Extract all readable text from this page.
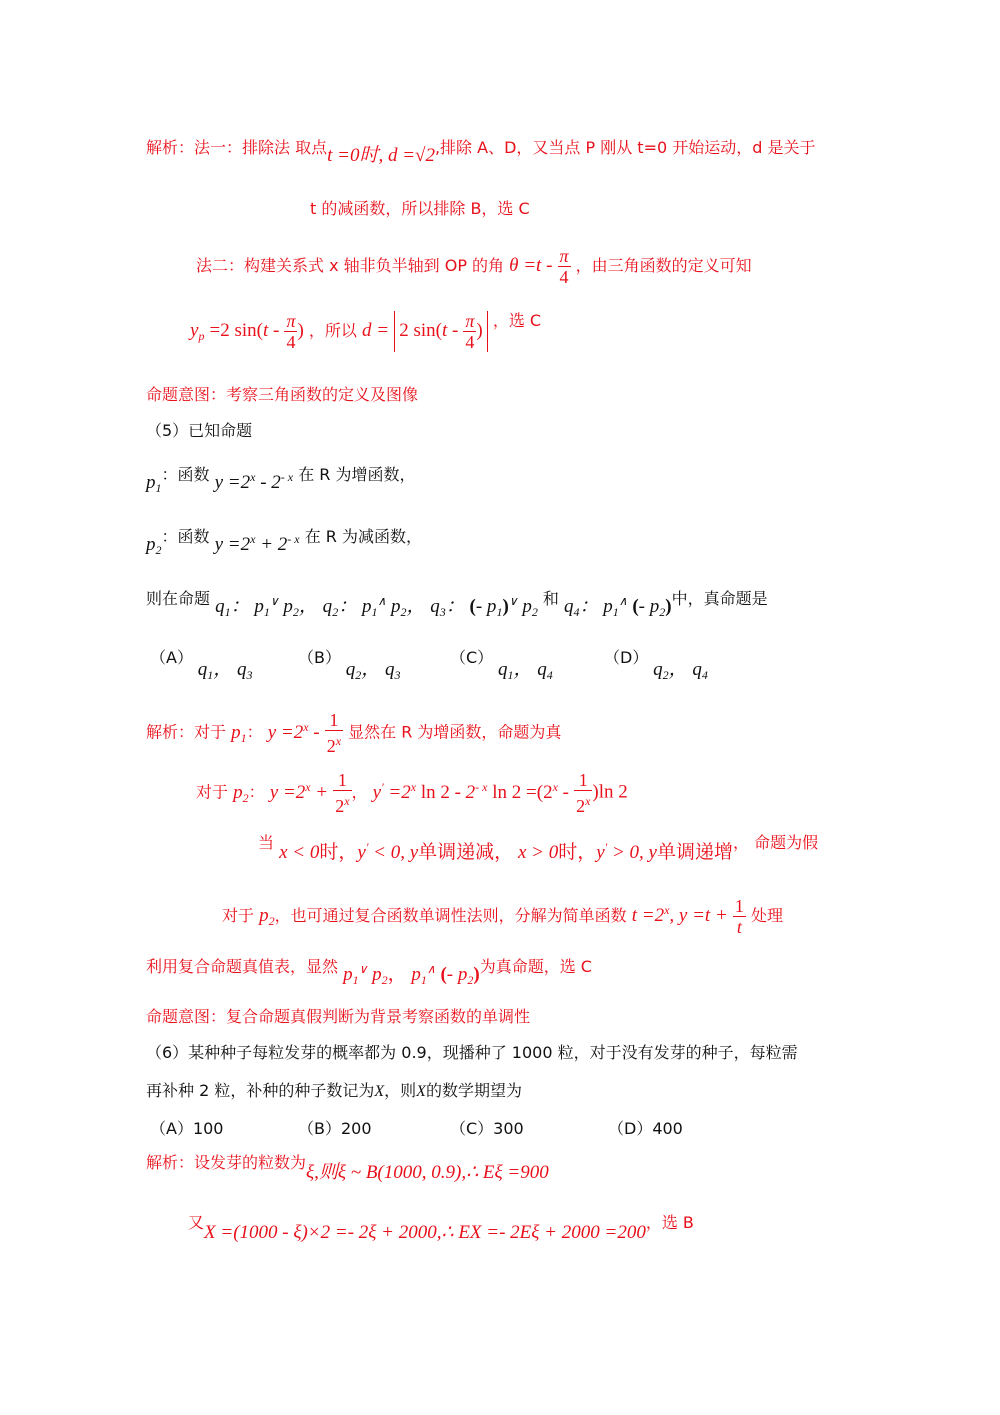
解析：法一：排除法 取点t =0时, d =√2,排除 A、D，又当点 P 刚从 t=0 开始运动，d 是关于
t 的减函数，所以排除 B，选 C
法二：构建关系式 x 轴非负半轴到 OP 的角 $\theta =t - \frac{\pi}{4}$ ，由三角函数的定义可知
$y_p =2$ $\sin(t - \frac{\pi}{4}$ ) ，所以 d = 2 $\sin(t - \frac{\pi}{4}$ ) ，选 C
命题意图：考察三角函数的定义及图像
（5）已知命题
$p_1$：函数 $y =2^x - 2^{- x}$ 在 R 为增函数，
$p_2$：函数 $y =2^x + 2^{- x}$ 在 R 为减函数，
则在命题 $q_1$： $p_1^\vee$ $p_2$， $q_2$： $p_1^\wedge$ $p_2$， $q_3$： (- $p_1)^\vee$ $p_2$ 和 $q_4$： $p_1^\wedge$ (- $p_2$)中，真命题是
（A） $q_1$， $q_3$
（B） $q_2$， $q_3$
（C） $q_1$， $q_4$
（D） $q_2$， $q_4$
解析：对于 $p_1$： $y =2^x - \frac{1}{2^x}$ 显然在 R 为增函数，命题为真
对于 $p_2$： $y =2^x + \frac{1}{2^x}$ ， $y' =2^x$ $\ln 2 - 2^{- x}$ $\ln 2 =(2^x - \frac{1}{2^x} )\ln$ 2
当 x < 0时，y' < 0, y单调递减， x > 0时，y' > 0, y单调递增， 命题为假
对于 $p_2$，也可通过复合函数单调性法则，分解为简单函数 $t =2^x$, $y =t + \frac{1}{t}$ 处理
利用复合命题真值表，显然 $p_1^\vee$ $p_2$， $p_1^\wedge$ (- $p_2$)为真命题，选 C
命题意图：复合命题真假判断为背景考察函数的单调性
（6）某种种子每粒发芽的概率都为 0.9，现播种了 1000 粒，对于没有发芽的种子，每粒需
再补种 2 粒，补种的种子数记为X，则X的数学期望为
（A）100	（B）200	（C）300	（D）400
解析：设发芽的粒数为ξ,则ξ ~ B(1000, 0.9),∴ Eξ =900
又X =(1000 - ξ)×2 =- 2ξ + 2000,∴ EX =- 2Eξ + 2000 =200，选 B
